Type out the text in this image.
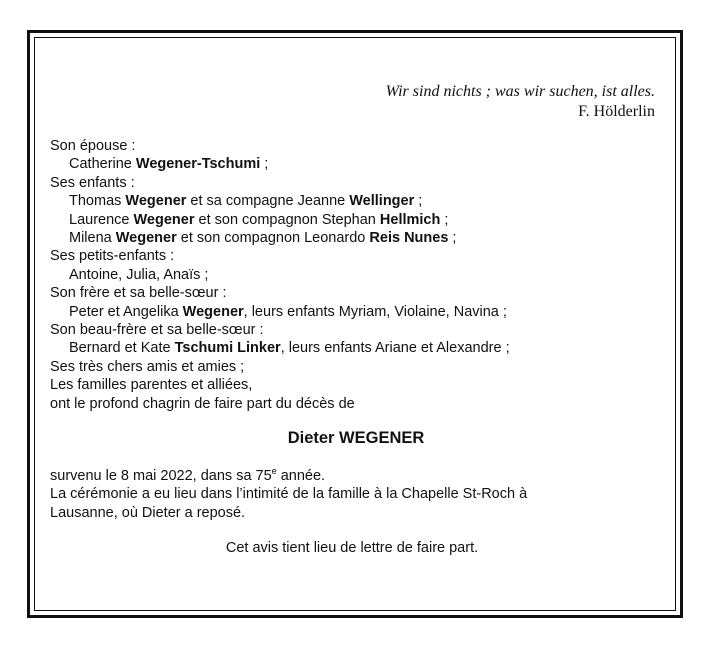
Wir sind nichts ; was wir suchen, ist alles.
F. Hölderlin
Son épouse :
Catherine Wegener-Tschumi ;
Ses enfants :
Thomas Wegener et sa compagne Jeanne Wellinger ;
Laurence Wegener et son compagnon Stephan Hellmich ;
Milena Wegener et son compagnon Leonardo Reis Nunes ;
Ses petits-enfants :
Antoine, Julia, Anaïs ;
Son frère et sa belle-sœur :
Peter et Angelika Wegener, leurs enfants Myriam, Violaine, Navina ;
Son beau-frère et sa belle-sœur :
Bernard et Kate Tschumi Linker, leurs enfants Ariane et Alexandre ;
Ses très chers amis et amies ;
Les familles parentes et alliées,
ont le profond chagrin de faire part du décès de
Dieter WEGENER
survenu le 8 mai 2022, dans sa 75e année.
La cérémonie a eu lieu dans l’intimité de la famille à la Chapelle St-Roch à
Lausanne, où Dieter a reposé.
Cet avis tient lieu de lettre de faire part.
